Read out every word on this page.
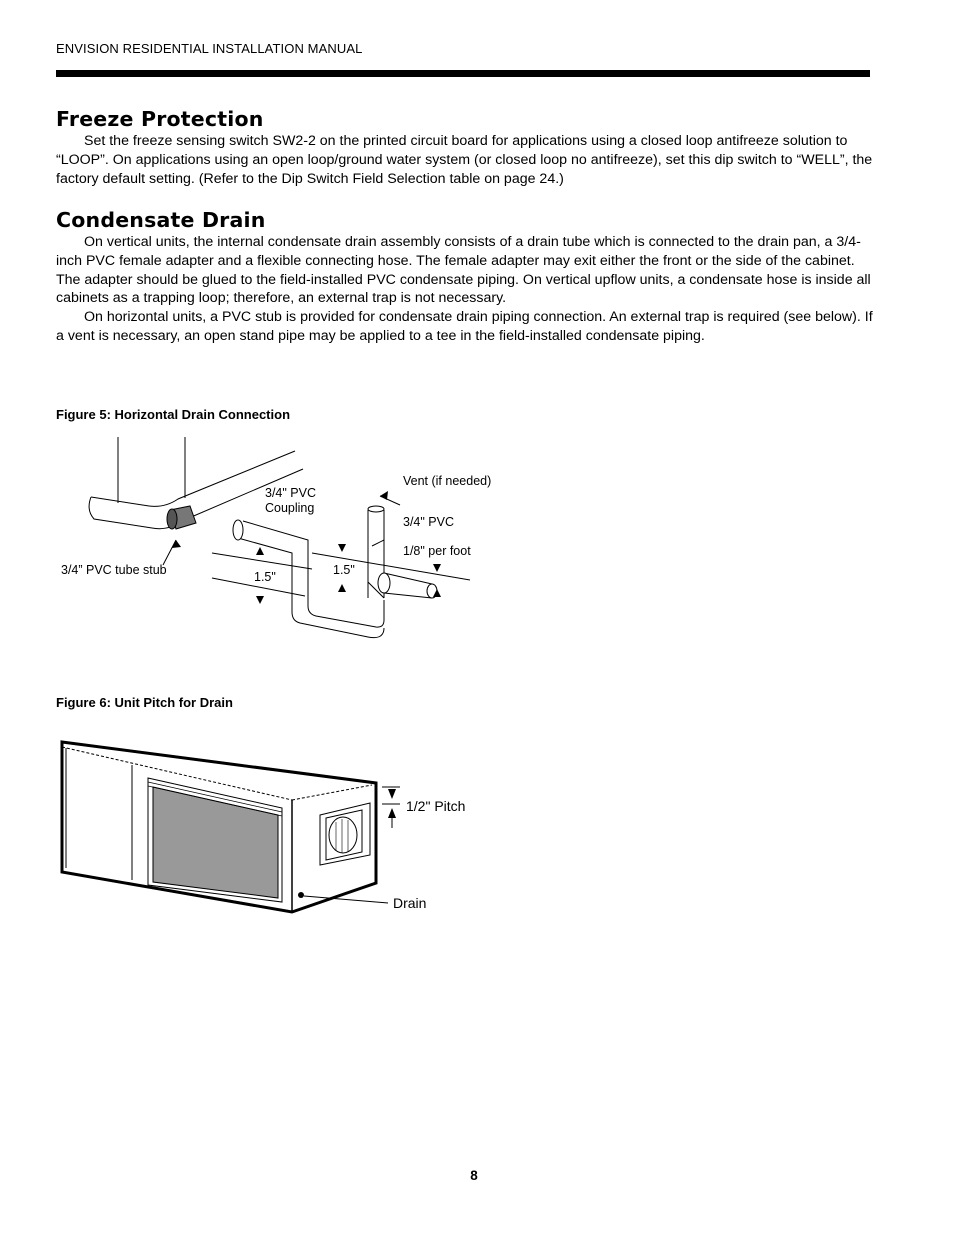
ENVISION RESIDENTIAL INSTALLATION MANUAL
Freeze Protection

Set the freeze sensing switch SW2-2 on the printed circuit board for applications using a closed loop antifreeze solution to “LOOP”. On applications using an open loop/ground water system (or closed loop no antifreeze), set this dip switch to “WELL”, the factory default setting. (Refer to the Dip Switch Field Selection table on page 24.)

Condensate Drain

On vertical units, the internal condensate drain assembly consists of a drain tube which is connected to the drain pan, a 3/4-inch PVC female adapter and a flexible connecting hose. The female adapter may exit either the front or the side of the cabinet. The adapter should be glued to the field-installed PVC condensate piping. On vertical upflow units, a condensate hose is inside all cabinets as a trapping loop; therefore, an external trap is not necessary.

On horizontal units, a PVC stub is provided for condensate drain piping connection. An external trap is required (see below). If a vent is necessary, an open stand pipe may be applied to a tee in the field-installed condensate piping.

Figure 5: Horizontal Drain Connection
Vent (if needed)
3/4" PVC
Coupling
3/4" PVC
1/8" per foot
3/4” PVC tube stub	1.5"	1.5"
Figure 6: Unit Pitch for Drain
1/2" Pitch
Drain
8
